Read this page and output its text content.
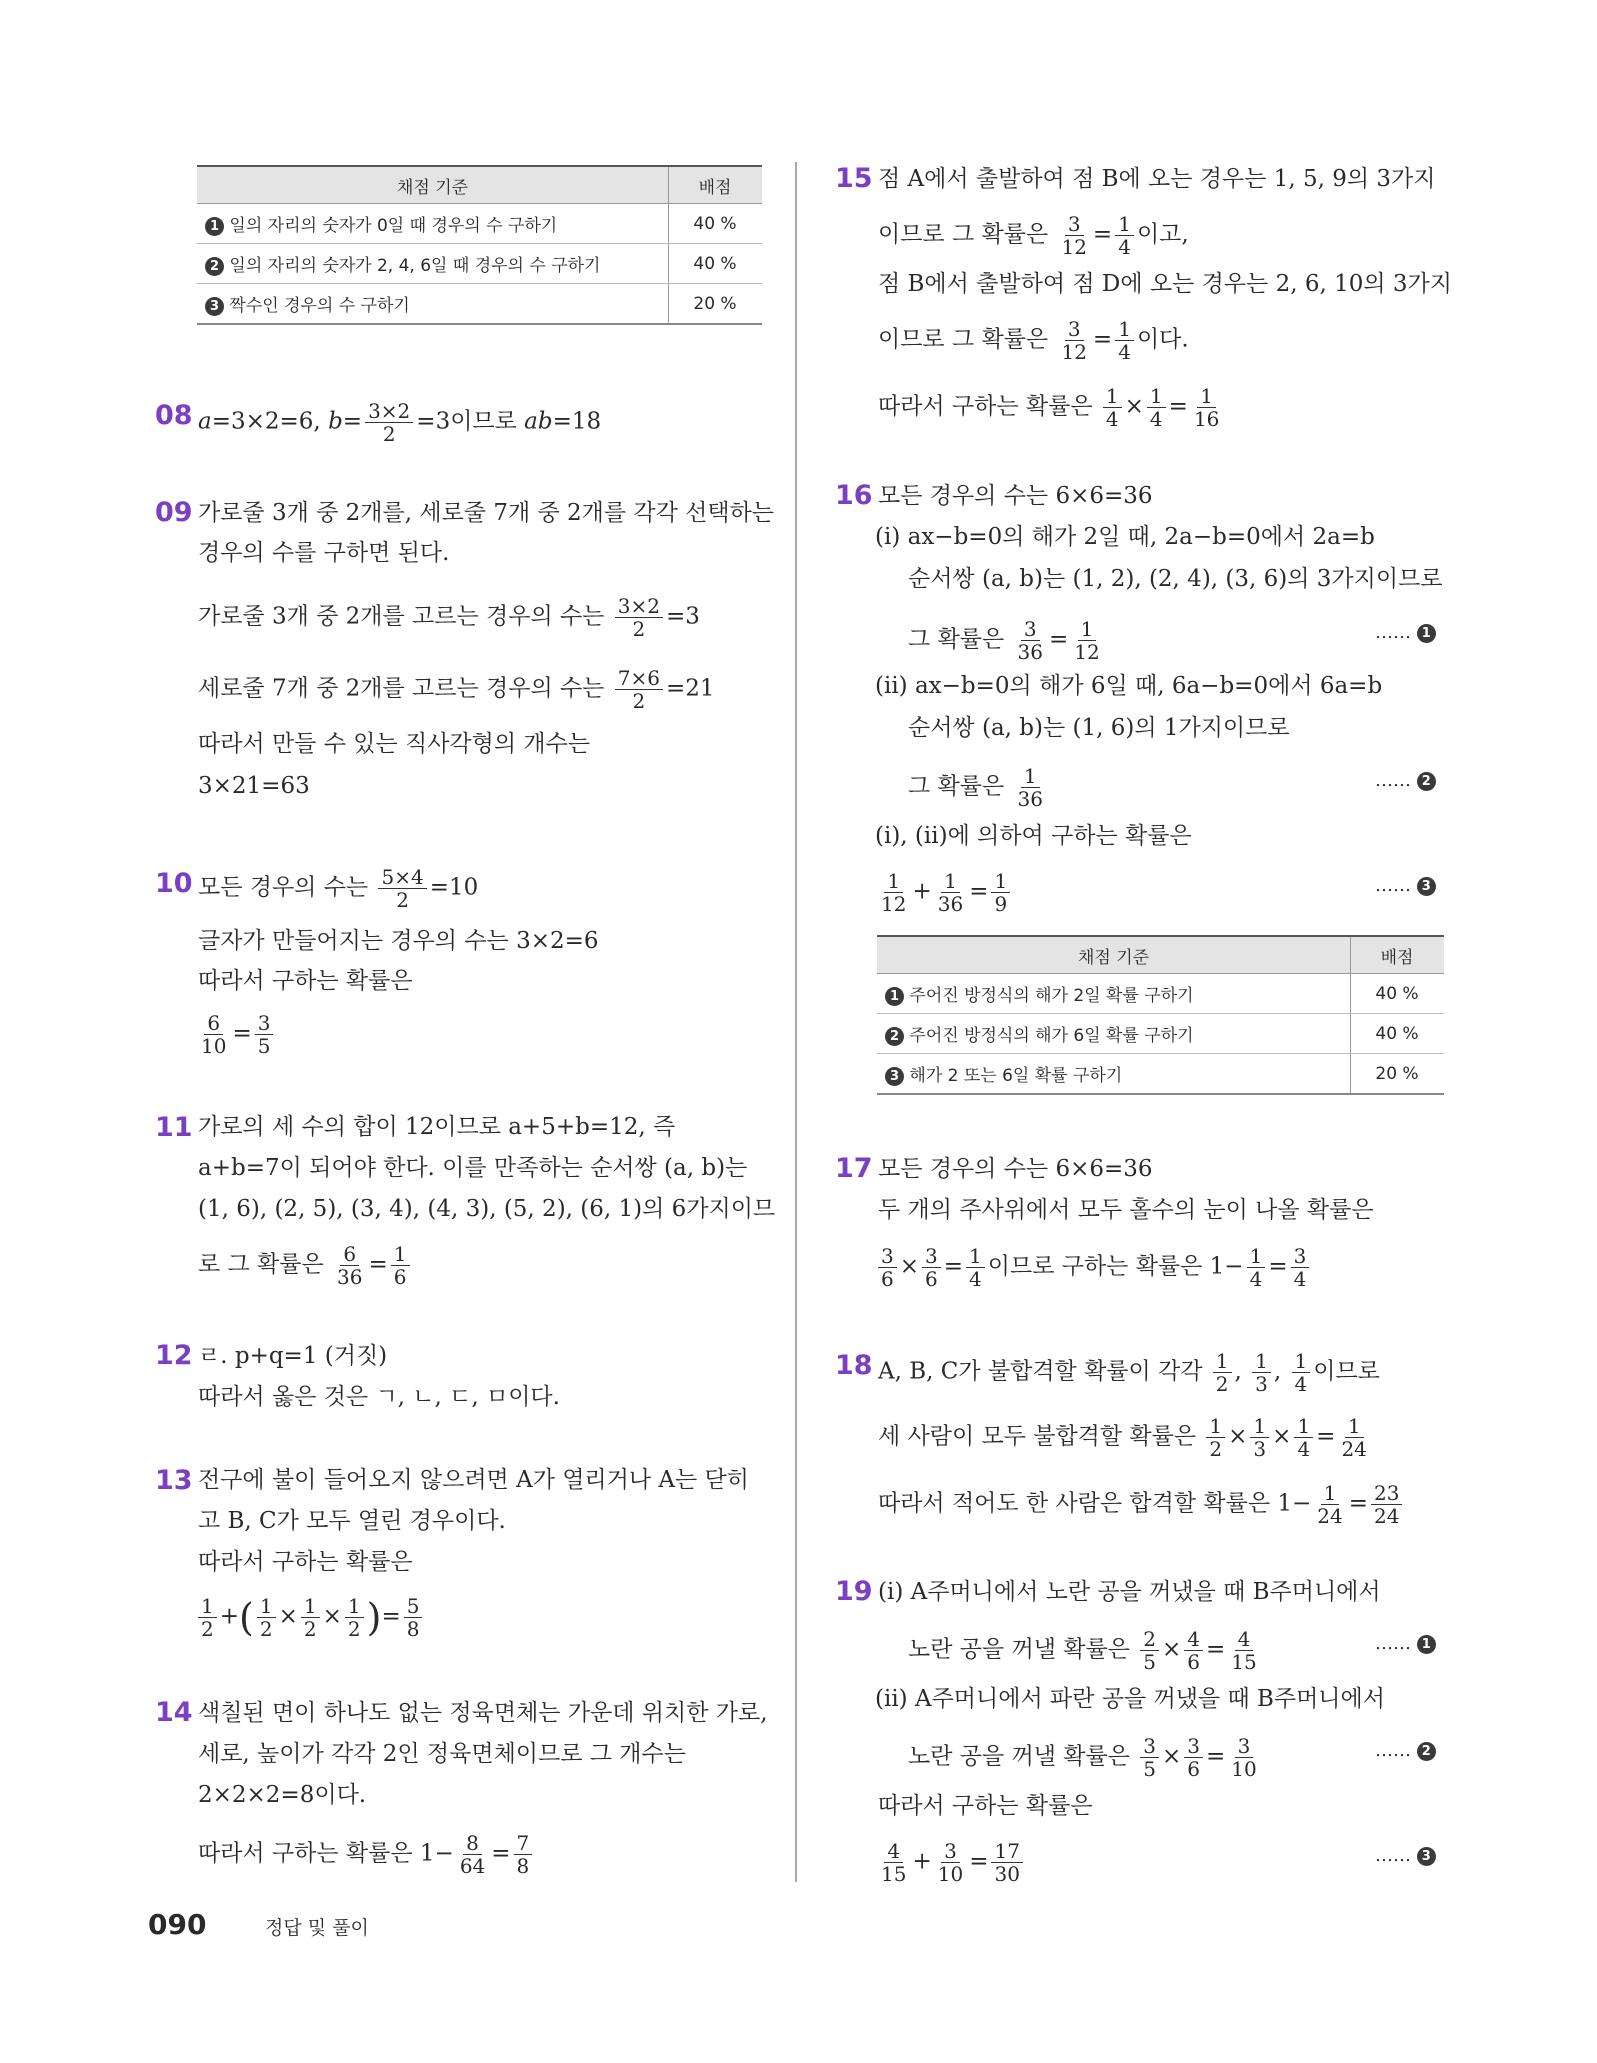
채점 기준	배점
1 일의 자리의 숫자가 0일 때 경우의 수 구하기	40 %
2 일의 자리의 숫자가 2, 4, 6일 때 경우의 수 구하기	40 %
3 짝수인 경우의 수 구하기	20 %
08 a=3×2=6, $b= \frac{3\times 2}{2} =3$이므로 ab=18
09 가로줄 3개 중 2개를, 세로줄 7개 중 2개를 각각 선택하는
경우의 수를 구하면 된다.
가로줄 3개 중 2개를 고르는 경우의 수는 $\frac{3\times 2}{2} =3$
세로줄 7개 중 2개를 고르는 경우의 수는 $\frac{7\times 6}{2} =21$
따라서 만들 수 있는 직사각형의 개수는
3×21=63
10 모든 경우의 수는 $\frac{5\times 4}{2} =10$
글자가 만들어지는 경우의 수는 3×2=6
따라서 구하는 확률은
$\frac{6}{10} = \frac{3}{5}$
11 가로의 세 수의 합이 12이므로 a+5+b=12, 즉
a+b=7이 되어야 한다. 이를 만족하는 순서쌍 (a, b)는
(1, 6), (2, 5), (3, 4), (4, 3), (5, 2), (6, 1)의 6가지이므
로 그 확률은 $\frac{6}{36} = \frac{1}{6}$
12 ㄹ. p+q=1 (거짓)
따라서 옳은 것은 ㄱ, ㄴ, ㄷ, ㅁ이다.
13 전구에 불이 들어오지 않으려면 A가 열리거나 A는 닫히
고 B, C가 모두 열린 경우이다.
따라서 구하는 확률은
$\frac{1}{2}$ +( $\frac{1}{2} \times \frac{1}{2} \times \frac{1}{2}$ )= $\frac{5}{8}$
14 색칠된 면이 하나도 없는 정육면체는 가운데 위치한 가로,
세로, 높이가 각각 2인 정육면체이므로 그 개수는
2×2×2=8이다.
따라서 구하는 확률은 $1- \frac{8}{64} = \frac{7}{8}$
15 점 A에서 출발하여 점 B에 오는 경우는 1, 5, 9의 3가지
이므로 그 확률은 $\frac{3}{12} = \frac{1}{4}$ 이고,
점 B에서 출발하여 점 D에 오는 경우는 2, 6, 10의 3가지
이므로 그 확률은 $\frac{3}{12} = \frac{1}{4}$ 이다.
따라서 구하는 확률은 $\frac{1}{4} \times \frac{1}{4} = \frac{1}{16}$
16 모든 경우의 수는 6×6=36
(ⅰ) ax−b=0의 해가 2일 때, 2a−b=0에서 2a=b
순서쌍 (a, b)는 (1, 2), (2, 4), (3, 6)의 3가지이므로
그 확률은 $\frac{3}{36} = \frac{1}{12}$	…… 1
(ⅱ) ax−b=0의 해가 6일 때, 6a−b=0에서 6a=b
순서쌍 (a, b)는 (1, 6)의 1가지이므로
그 확률은 $\frac{1}{36}$	…… 2
(ⅰ), (ⅱ)에 의하여 구하는 확률은
$\frac{1}{12} + \frac{1}{36} = \frac{1}{9}$	…… 3
채점 기준	배점
1 주어진 방정식의 해가 2일 확률 구하기	40 %
2 주어진 방정식의 해가 6일 확률 구하기	40 %
3 해가 2 또는 6일 확률 구하기	20 %
17 모든 경우의 수는 6×6=36
두 개의 주사위에서 모두 홀수의 눈이 나올 확률은
$\frac{3}{6} \times \frac{3}{6} = \frac{1}{4}$ 이므로 구하는 확률은 $1- \frac{1}{4} = \frac{3}{4}$
18 A, B, C가 불합격할 확률이 각각 $\frac{1}{2}$ , $\frac{1}{3}$ , $\frac{1}{4}$ 이므로
세 사람이 모두 불합격할 확률은 $\frac{1}{2} \times \frac{1}{3} \times \frac{1}{4} = \frac{1}{24}$
따라서 적어도 한 사람은 합격할 확률은 $1- \frac{1}{24} = \frac{23}{24}$
19 (ⅰ) A주머니에서 노란 공을 꺼냈을 때 B주머니에서
노란 공을 꺼낼 확률은 $\frac{2}{5} \times \frac{4}{6} = \frac{4}{15}$	…… 1
(ⅱ) A주머니에서 파란 공을 꺼냈을 때 B주머니에서
노란 공을 꺼낼 확률은 $\frac{3}{5} \times \frac{3}{6} = \frac{3}{10}$	…… 2
따라서 구하는 확률은
$\frac{4}{15} + \frac{3}{10} = \frac{17}{30}$	…… 3
090	정답 및 풀이
